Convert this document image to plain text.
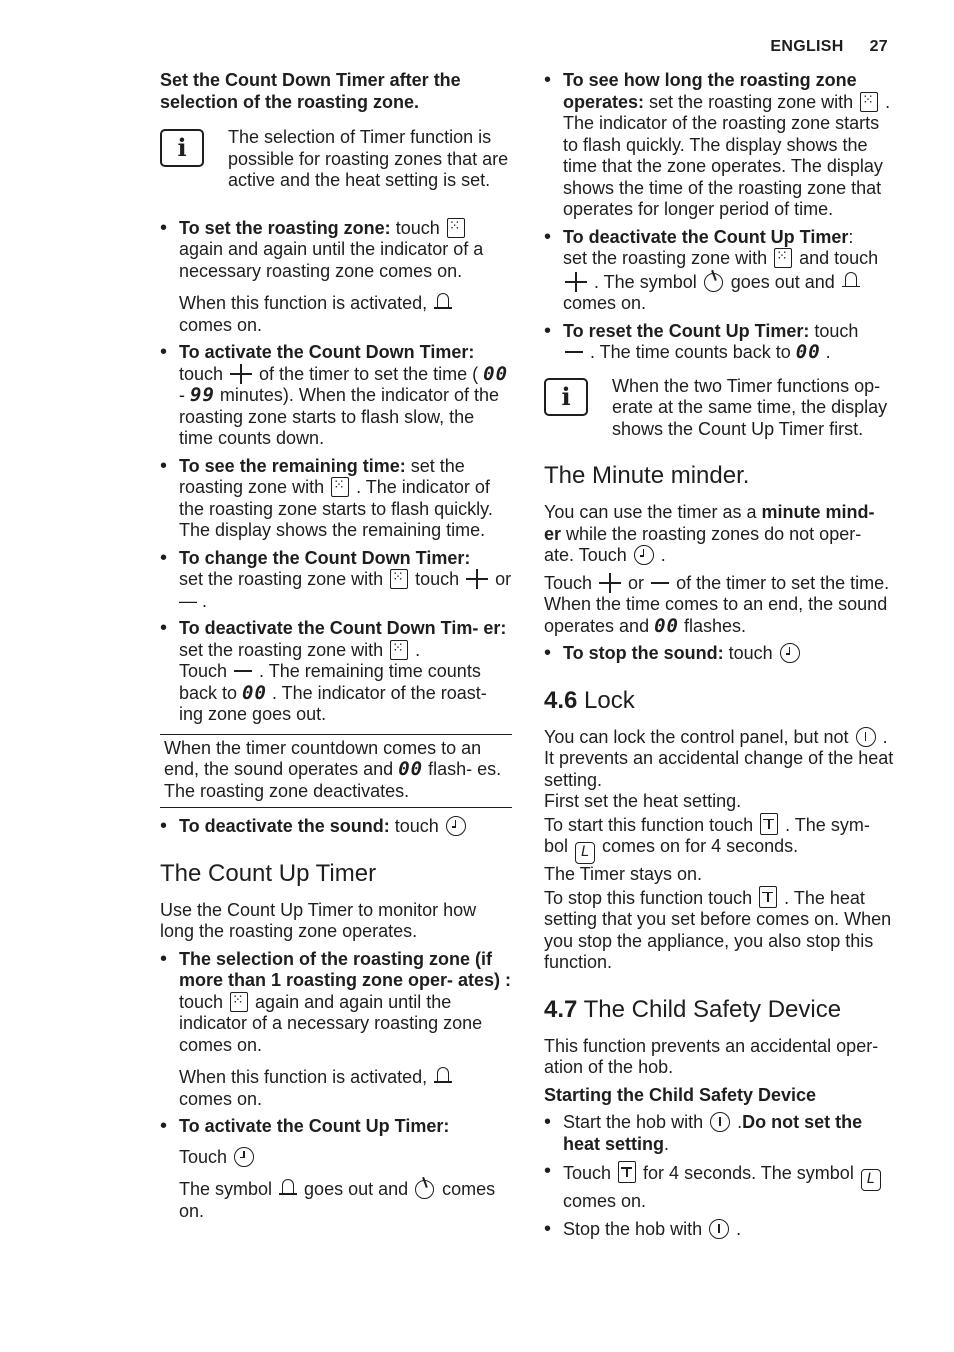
ENGLISH 27
Set the Count Down Timer after the selection of the roasting zone.
i	The selection of Timer function is possible for roasting zones that are active and the heat setting is set.
• To set the roasting zone: touch ⁙ again and again until the indicator of a necessary roasting zone comes on.
When this function is activated,  comes on.
• To activate the Count Down Timer:
touch  of the timer to set the time ( 00 - 99 minutes). When the indicator of the roasting zone starts to flash slow, the time counts down.
• To see the remaining time: set the roasting zone with ⁙ . The indicator of the roasting zone starts to flash quickly. The display shows the remaining time.
• To change the Count Down Timer:
set the roasting zone with ⁙ touch  or — .
• To deactivate the Count Down Tim- er: set the roasting zone with ⁙ .
Touch  . The remaining time counts back to 00 . The indicator of the roast- ing zone goes out.
When the timer countdown comes to an end, the sound operates and 00 flash- es. The roasting zone deactivates.
• To deactivate the sound: touch
The Count Up Timer
Use the Count Up Timer to monitor how long the roasting zone operates.
• The selection of the roasting zone (if more than 1 roasting zone oper- ates) : touch ⁙ again and again until the indicator of a necessary roasting zone comes on.
When this function is activated,  comes on.
• To activate the Count Up Timer:
Touch
The symbol  goes out and  comes on.
• To see how long the roasting zone operates: set the roasting zone with ⁙ . The indicator of the roasting zone starts to flash quickly. The display shows the time that the zone operates. The display shows the time of the roasting zone that operates for longer period of time.
• To deactivate the Count Up Timer:
set the roasting zone with ⁙ and touch  . The symbol  goes out and  comes on.
• To reset the Count Up Timer: touch
. The time counts back to 00 .
i	When the two Timer functions op- erate at the same time, the display shows the Count Up Timer first.
The Minute minder.
You can use the timer as a minute mind- er while the roasting zones do not oper- ate. Touch  .
Touch  or  of the timer to set the time. When the time comes to an end, the sound operates and 00 flashes.
• To stop the sound: touch
4.6 Lock
You can lock the control panel, but not  . It prevents an accidental change of the heat setting.
First set the heat setting.
To start this function touch  . The sym- bol L comes on for 4 seconds.
The Timer stays on.
To stop this function touch  . The heat setting that you set before comes on. When you stop the appliance, you also stop this function.
4.7 The Child Safety Device
This function prevents an accidental oper- ation of the hob.
Starting the Child Safety Device
• Start the hob with  .Do not set the heat setting.
• Touch  for 4 seconds. The symbol L comes on.
• Stop the hob with  .
